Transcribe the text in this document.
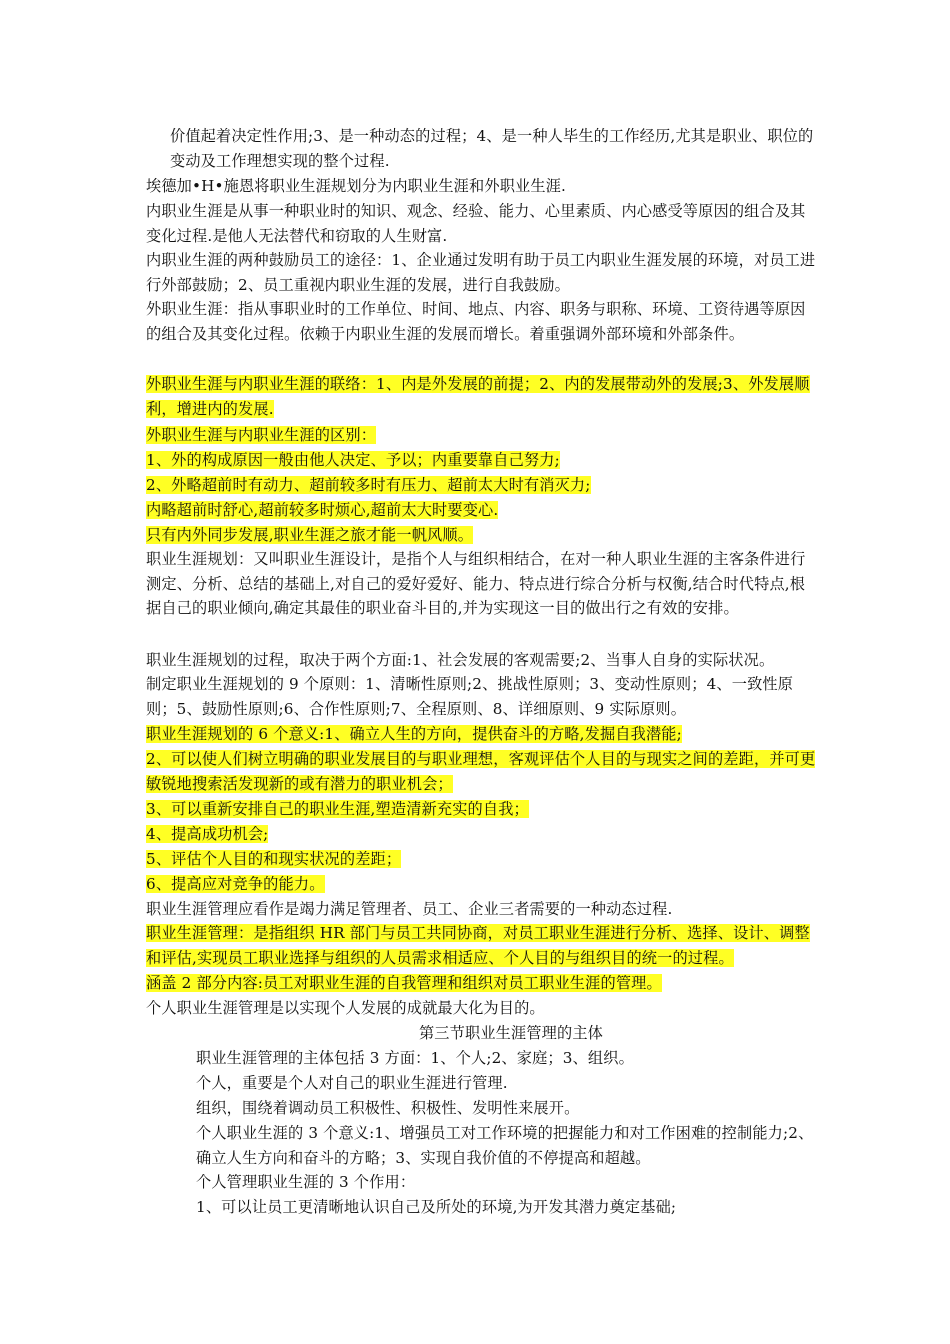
价值起着决定性作用;3、是一种动态的过程；4、是一种人毕生的工作经历,尤其是职业、职位的变动及工作理想实现的整个过程.

埃德加•H•施恩将职业生涯规划分为内职业生涯和外职业生涯.

内职业生涯是从事一种职业时的知识、观念、经验、能力、心里素质、内心感受等原因的组合及其变化过程.是他人无法替代和窃取的人生财富.

内职业生涯的两种鼓励员工的途径：1、企业通过发明有助于员工内职业生涯发展的环境，对员工进行外部鼓励；2、员工重视内职业生涯的发展，进行自我鼓励。

外职业生涯：指从事职业时的工作单位、时间、地点、内容、职务与职称、环境、工资待遇等原因的组合及其变化过程。依赖于内职业生涯的发展而增长。着重强调外部环境和外部条件。

外职业生涯与内职业生涯的联络：1、内是外发展的前提；2、内的发展带动外的发展;3、外发展顺利，增进内的发展.

外职业生涯与内职业生涯的区别：

1、外的构成原因一般由他人决定、予以；内重要靠自己努力;

2、外略超前时有动力、超前较多时有压力、超前太大时有消灭力;

内略超前时舒心,超前较多时烦心,超前太大时要变心.

只有内外同步发展,职业生涯之旅才能一帆风顺。

职业生涯规划：又叫职业生涯设计，是指个人与组织相结合，在对一种人职业生涯的主客条件进行测定、分析、总结的基础上,对自己的爱好爱好、能力、特点进行综合分析与权衡,结合时代特点,根据自己的职业倾向,确定其最佳的职业奋斗目的,并为实现这一目的做出行之有效的安排。

职业生涯规划的过程，取决于两个方面:1、社会发展的客观需要;2、当事人自身的实际状况。

制定职业生涯规划的 9 个原则：1、清晰性原则;2、挑战性原则；3、变动性原则；4、一致性原则；5、鼓励性原则;6、合作性原则;7、全程原则、8、详细原则、9 实际原则。

职业生涯规划的 6 个意义:1、确立人生的方向，提供奋斗的方略,发掘自我潜能;

2、可以使人们树立明确的职业发展目的与职业理想，客观评估个人目的与现实之间的差距，并可更敏锐地搜索活发现新的或有潜力的职业机会；

3、可以重新安排自己的职业生涯,塑造清新充实的自我；

4、提高成功机会;

5、评估个人目的和现实状况的差距；

6、提高应对竞争的能力。

职业生涯管理应看作是竭力满足管理者、员工、企业三者需要的一种动态过程.

职业生涯管理：是指组织 HR 部门与员工共同协商，对员工职业生涯进行分析、选择、设计、调整和评估,实现员工职业选择与组织的人员需求相适应、个人目的与组织目的统一的过程。

涵盖 2 部分内容:员工对职业生涯的自我管理和组织对员工职业生涯的管理。

个人职业生涯管理是以实现个人发展的成就最大化为目的。

第三节职业生涯管理的主体

职业生涯管理的主体包括 3 方面：1、个人;2、家庭；3、组织。

个人，重要是个人对自己的职业生涯进行管理.

组织，围绕着调动员工积极性、积极性、发明性来展开。

个人职业生涯的 3 个意义:1、增强员工对工作环境的把握能力和对工作困难的控制能力;2、确立人生方向和奋斗的方略；3、实现自我价值的不停提高和超越。

个人管理职业生涯的 3 个作用：

1、可以让员工更清晰地认识自己及所处的环境,为开发其潜力奠定基础;
